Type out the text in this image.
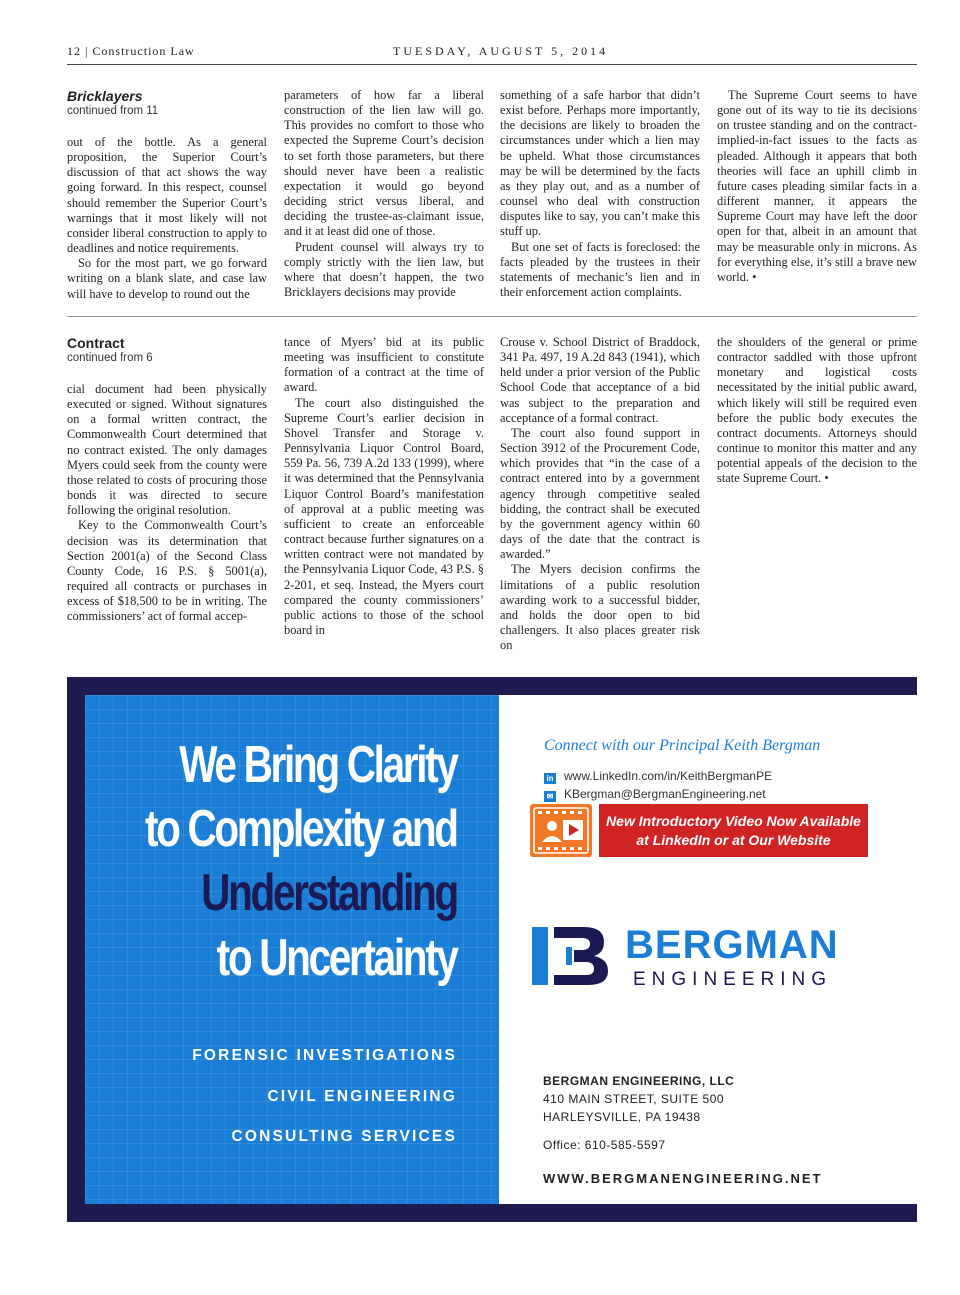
12 | Construction Law	TUESDAY, AUGUST 5, 2014
Bricklayers
continued from 11

out of the bottle. As a general proposition, the Superior Court’s discussion of that act shows the way going forward. In this respect, counsel should remember the Superior Court’s warnings that it most likely will not consider liberal construction to apply to deadlines and notice requirements.

So for the most part, we go forward writing on a blank slate, and case law will have to develop to round out the

parameters of how far a liberal construction of the lien law will go. This provides no comfort to those who expected the Supreme Court’s decision to set forth those parameters, but there should never have been a realistic expectation it would go beyond deciding strict versus liberal, and deciding the trustee-as-claimant issue, and it at least did one of those.

Prudent counsel will always try to comply strictly with the lien law, but where that doesn’t happen, the two Bricklayers decisions may provide

something of a safe harbor that didn’t exist before. Perhaps more importantly, the decisions are likely to broaden the circumstances under which a lien may be upheld. What those circumstances may be will be determined by the facts as they play out, and as a number of counsel who deal with construction disputes like to say, you can’t make this stuff up.

But one set of facts is foreclosed: the facts pleaded by the trustees in their statements of mechanic’s lien and in their enforcement action complaints.

The Supreme Court seems to have gone out of its way to tie its decisions on trustee standing and on the contract-implied-in-fact issues to the facts as pleaded. Although it appears that both theories will face an uphill climb in future cases pleading similar facts in a different manner, it appears the Supreme Court may have left the door open for that, albeit in an amount that may be measurable only in microns. As for everything else, it’s still a brave new world. •

Contract
continued from 6

cial document had been physically executed or signed. Without signatures on a formal written contract, the Commonwealth Court determined that no contract existed. The only damages Myers could seek from the county were those related to costs of procuring those bonds it was directed to secure following the original resolution.

Key to the Commonwealth Court’s decision was its determination that Section 2001(a) of the Second Class County Code, 16 P.S. § 5001(a), required all contracts or purchases in excess of $18,500 to be in writing. The commissioners’ act of formal accep-

tance of Myers’ bid at its public meeting was insufficient to constitute formation of a contract at the time of award.

The court also distinguished the Supreme Court’s earlier decision in Shovel Transfer and Storage v. Pennsylvania Liquor Control Board, 559 Pa. 56, 739 A.2d 133 (1999), where it was determined that the Pennsylvania Liquor Control Board’s manifestation of approval at a public meeting was sufficient to create an enforceable contract because further signatures on a written contract were not mandated by the Pennsylvania Liquor Code, 43 P.S. § 2-201, et seq. Instead, the Myers court compared the county commissioners’ public actions to those of the school board in

Crouse v. School District of Braddock, 341 Pa. 497, 19 A.2d 843 (1941), which held under a prior version of the Public School Code that acceptance of a bid was subject to the preparation and acceptance of a formal contract.

The court also found support in Section 3912 of the Procurement Code, which provides that “in the case of a contract entered into by a government agency through competitive sealed bidding, the contract shall be executed by the government agency within 60 days of the date that the contract is awarded.”

The Myers decision confirms the limitations of a public resolution awarding work to a successful bidder, and holds the door open to bid challengers. It also places greater risk on

the shoulders of the general or prime contractor saddled with those upfront monetary and logistical costs necessitated by the initial public award, which likely will still be required even before the public body executes the contract documents. Attorneys should continue to monitor this matter and any potential appeals of the decision to the state Supreme Court. •

We Bring Clarity
to Complexity and
Understanding
to Uncertainty
FORENSIC INVESTIGATIONS
CIVIL ENGINEERING
CONSULTING SERVICES
Connect with our Principal Keith Bergman
in www.LinkedIn.com/in/KeithBergmanPE
✉ KBergman@BergmanEngineering.net
New Introductory Video Now Available
at LinkedIn or at Our Website
BERGMAN
ENGINEERING
BERGMAN ENGINEERING, LLC
410 MAIN STREET, SUITE 500
HARLEYSVILLE, PA 19438
Office: 610-585-5597
WWW.BERGMANENGINEERING.NET
